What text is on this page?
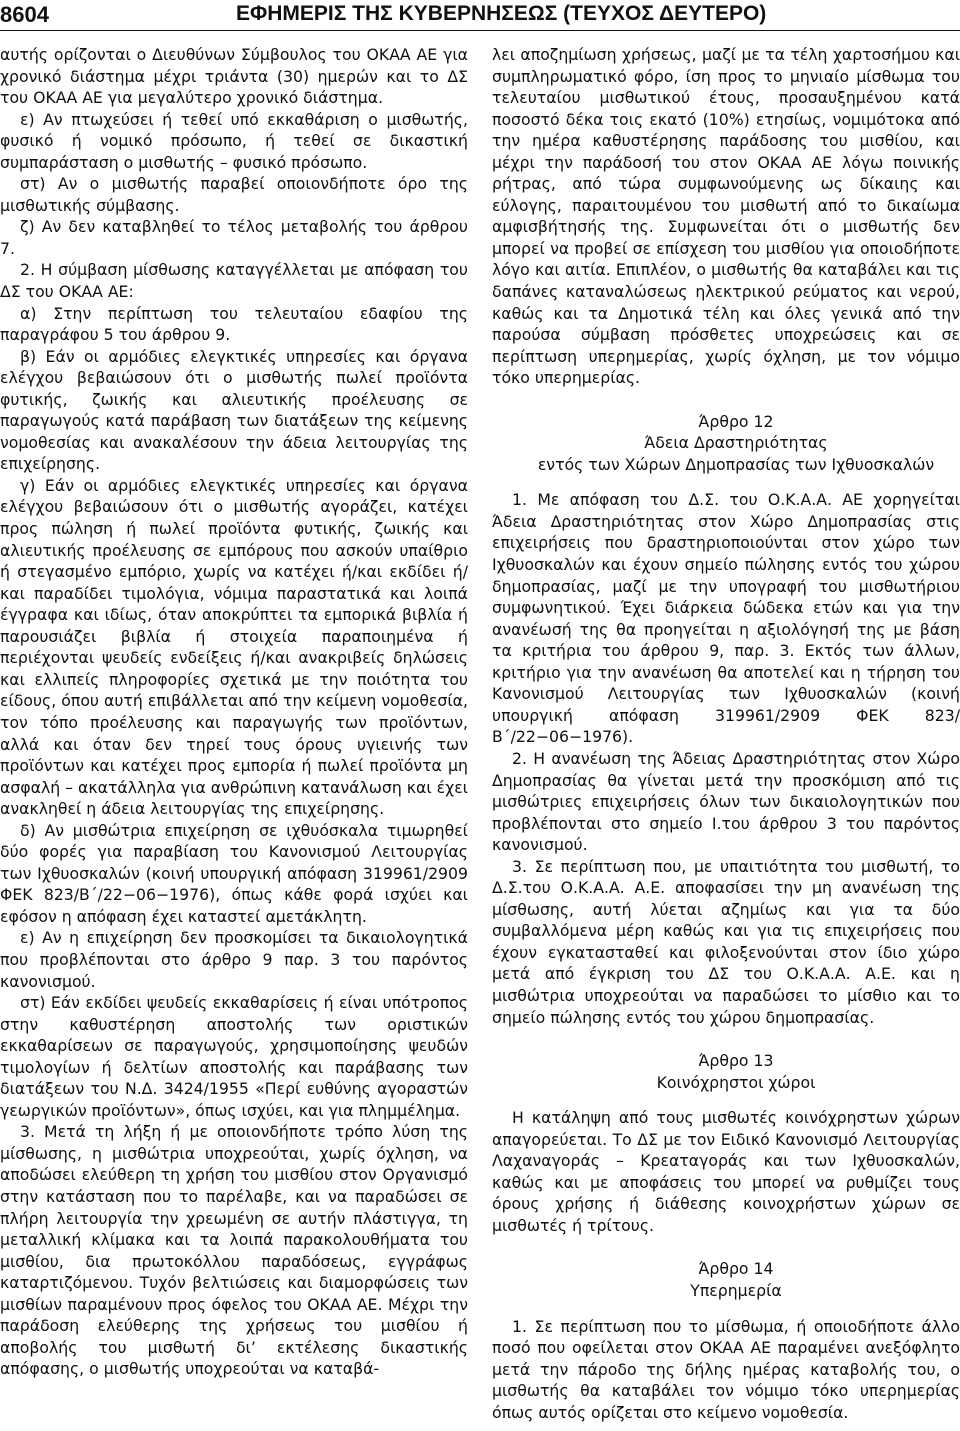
8604	ΕΦΗΜΕΡΙΣ ΤΗΣ ΚΥΒΕΡΝΗΣΕΩΣ (ΤΕΥΧΟΣ ΔΕΥΤΕΡΟ)

αυτής ορίζονται ο Διευθύνων Σύμβουλος του ΟΚΑΑ ΑΕ για χρονικό διάστημα μέχρι τριάντα (30) ημερών και το ΔΣ του ΟΚΑΑ ΑΕ για μεγαλύτερο χρονικό διάστημα.

ε) Αν πτωχεύσει ή τεθεί υπό εκκαθάριση ο μισθωτής, φυσικό ή νομικό πρόσωπο, ή τεθεί σε δικαστική συμπαράσταση ο μισθωτής – φυσικό πρόσωπο.

στ) Αν ο μισθωτής παραβεί οποιονδήποτε όρο της μισθωτικής σύμβασης.

ζ) Αν δεν καταβληθεί το τέλος μεταβολής του άρθρου 7.

2. Η σύμβαση μίσθωσης καταγγέλλεται με απόφαση του ΔΣ του ΟΚΑΑ ΑΕ:

α) Στην περίπτωση του τελευταίου εδαφίου της παραγράφου 5 του άρθρου 9.

β) Εάν οι αρμόδιες ελεγκτικές υπηρεσίες και όργανα ελέγχου βεβαιώσουν ότι ο μισθωτής πωλεί προϊόντα φυτικής, ζωικής και αλιευτικής προέλευσης σε παραγωγούς κατά παράβαση των διατάξεων της κείμενης νομοθεσίας και ανακαλέσουν την άδεια λειτουργίας της επιχείρησης.

γ) Εάν οι αρμόδιες ελεγκτικές υπηρεσίες και όργανα ελέγχου βεβαιώσουν ότι ο μισθωτής αγοράζει, κατέχει προς πώληση ή πωλεί προϊόντα φυτικής, ζωικής και αλιευτικής προέλευσης σε εμπόρους που ασκούν υπαίθριο ή στεγασμένο εμπόριο, χωρίς να κατέχει ή/και εκδίδει ή/και παραδίδει τιμολόγια, νόμιμα παραστατικά και λοιπά έγγραφα και ιδίως, όταν αποκρύπτει τα εμπορικά βιβλία ή παρουσιάζει βιβλία ή στοιχεία παραποιημένα ή περιέχονται ψευδείς ενδείξεις ή/και ανακριβείς δηλώσεις και ελλιπείς πληροφορίες σχετικά με την ποιότητα του είδους, όπου αυτή επιβάλλεται από την κείμενη νομοθεσία, τον τόπο προέλευσης και παραγωγής των προϊόντων, αλλά και όταν δεν τηρεί τους όρους υγιεινής των προϊόντων και κατέχει προς εμπορία ή πωλεί προϊόντα μη ασφαλή – ακατάλληλα για ανθρώπινη κατανάλωση και έχει ανακληθεί η άδεια λειτουργίας της επιχείρησης.

δ) Αν μισθώτρια επιχείρηση σε ιχθυόσκαλα τιμωρηθεί δύο φορές για παραβίαση του Κανονισμού Λειτουργίας των Ιχθυοσκαλών (κοινή υπουργική απόφαση 319961/2909 ΦΕΚ 823/Β΄/22−06−1976), όπως κάθε φορά ισχύει και εφόσον η απόφαση έχει καταστεί αμετάκλητη.

ε) Αν η επιχείρηση δεν προσκομίσει τα δικαιολογητικά που προβλέπονται στο άρθρο 9 παρ. 3 του παρόντος κανονισμού.

στ) Εάν εκδίδει ψευδείς εκκαθαρίσεις ή είναι υπότροπος στην καθυστέρηση αποστολής των οριστικών εκκαθαρίσεων σε παραγωγούς, χρησιμοποίησης ψευδών τιμολογίων ή δελτίων αποστολής και παράβασης των διατάξεων του Ν.Δ. 3424/1955 «Περί ευθύνης αγοραστών γεωργικών προϊόντων», όπως ισχύει, και για πλημμέλημα.

3. Μετά τη λήξη ή με οποιονδήποτε τρόπο λύση της μίσθωσης, η μισθώτρια υποχρεούται, χωρίς όχληση, να αποδώσει ελεύθερη τη χρήση του μισθίου στον Οργανισμό στην κατάσταση που το παρέλαβε, και να παραδώσει σε πλήρη λειτουργία την χρεωμένη σε αυτήν πλάστιγγα, τη μεταλλική κλίμακα και τα λοιπά παρακολουθήματα του μισθίου, δια πρωτοκόλλου παραδόσεως, εγγράφως καταρτιζόμενου. Τυχόν βελτιώσεις και διαμορφώσεις των μισθίων παραμένουν προς όφελος του ΟΚΑΑ ΑΕ. Μέχρι την παράδοση ελεύθερης της χρήσεως του μισθίου ή αποβολής του μισθωτή δι’ εκτέλεσης δικαστικής απόφασης, ο μισθωτής υποχρεούται να καταβά-

λει αποζημίωση χρήσεως, μαζί με τα τέλη χαρτοσήμου και συμπληρωματικό φόρο, ίση προς το μηνιαίο μίσθωμα του τελευταίου μισθωτικού έτους, προσαυξημένου κατά ποσοστό δέκα τοις εκατό (10%) ετησίως, νομιμότοκα από την ημέρα καθυστέρησης παράδοσης του μισθίου, και μέχρι την παράδοσή του στον ΟΚΑΑ ΑΕ λόγω ποινικής ρήτρας, από τώρα συμφωνούμενης ως δίκαιης και εύλογης, παραιτουμένου του μισθωτή από το δικαίωμα αμφισβήτησής της. Συμφωνείται ότι ο μισθωτής δεν μπορεί να προβεί σε επίσχεση του μισθίου για οποιοδήποτε λόγο και αιτία. Επιπλέον, ο μισθωτής θα καταβάλει και τις δαπάνες καταναλώσεως ηλεκτρικού ρεύματος και νερού, καθώς και τα Δημοτικά τέλη και όλες γενικά από την παρούσα σύμβαση πρόσθετες υποχρεώσεις και σε περίπτωση υπερημερίας, χωρίς όχληση, με τον νόμιμο τόκο υπερημερίας.

Άρθρο 12

Άδεια Δραστηριότητας

εντός των Χώρων Δημοπρασίας των Ιχθυοσκαλών

1. Με απόφαση του Δ.Σ. του Ο.Κ.Α.Α. ΑΕ χορηγείται Άδεια Δραστηριότητας στον Χώρο Δημοπρασίας στις επιχειρήσεις που δραστηριοποιούνται στον χώρο των Ιχθυοσκαλών και έχουν σημείο πώλησης εντός του χώρου δημοπρασίας, μαζί με την υπογραφή του μισθωτήριου συμφωνητικού. Έχει διάρκεια δώδεκα ετών και για την ανανέωσή της θα προηγείται η αξιολόγησή της με βάση τα κριτήρια του άρθρου 9, παρ. 3. Εκτός των άλλων, κριτήριο για την ανανέωση θα αποτελεί και η τήρηση του Κανονισμού Λειτουργίας των Ιχθυοσκαλών (κοινή υπουργική απόφαση 319961/2909 ΦΕΚ 823/Β΄/22−06−1976).

2. Η ανανέωση της Άδειας Δραστηριότητας στον Χώρο Δημοπρασίας θα γίνεται μετά την προσκόμιση από τις μισθώτριες επιχειρήσεις όλων των δικαιολογητικών που προβλέπονται στο σημείο Ι.του άρθρου 3 του παρόντος κανονισμού.

3. Σε περίπτωση που, με υπαιτιότητα του μισθωτή, το Δ.Σ.του Ο.Κ.Α.Α. Α.Ε. αποφασίσει την μη ανανέωση της μίσθωσης, αυτή λύεται αζημίως και για τα δύο συμβαλλόμενα μέρη καθώς και για τις επιχειρήσεις που έχουν εγκατασταθεί και φιλοξενούνται στον ίδιο χώρο μετά από έγκριση του ΔΣ του Ο.Κ.Α.Α. Α.Ε. και η μισθώτρια υποχρεούται να παραδώσει το μίσθιο και το σημείο πώλησης εντός του χώρου δημοπρασίας.

Άρθρο 13

Κοινόχρηστοι χώροι

Η κατάληψη από τους μισθωτές κοινόχρηστων χώρων απαγορεύεται. Το ΔΣ με τον Ειδικό Κανονισμό Λειτουργίας Λαχαναγοράς – Κρεαταγοράς και των Ιχθυοσκαλών, καθώς και με αποφάσεις του μπορεί να ρυθμίζει τους όρους χρήσης ή διάθεσης κοινοχρήστων χώρων σε μισθωτές ή τρίτους.

Άρθρο 14

Υπερημερία

1. Σε περίπτωση που το μίσθωμα, ή οποιοδήποτε άλλο ποσό που οφείλεται στον ΟΚΑΑ ΑΕ παραμένει ανεξόφλητο μετά την πάροδο της δήλης ημέρας καταβολής του, ο μισθωτής θα καταβάλει τον νόμιμο τόκο υπερημερίας όπως αυτός ορίζεται στο κείμενο νομοθεσία.
